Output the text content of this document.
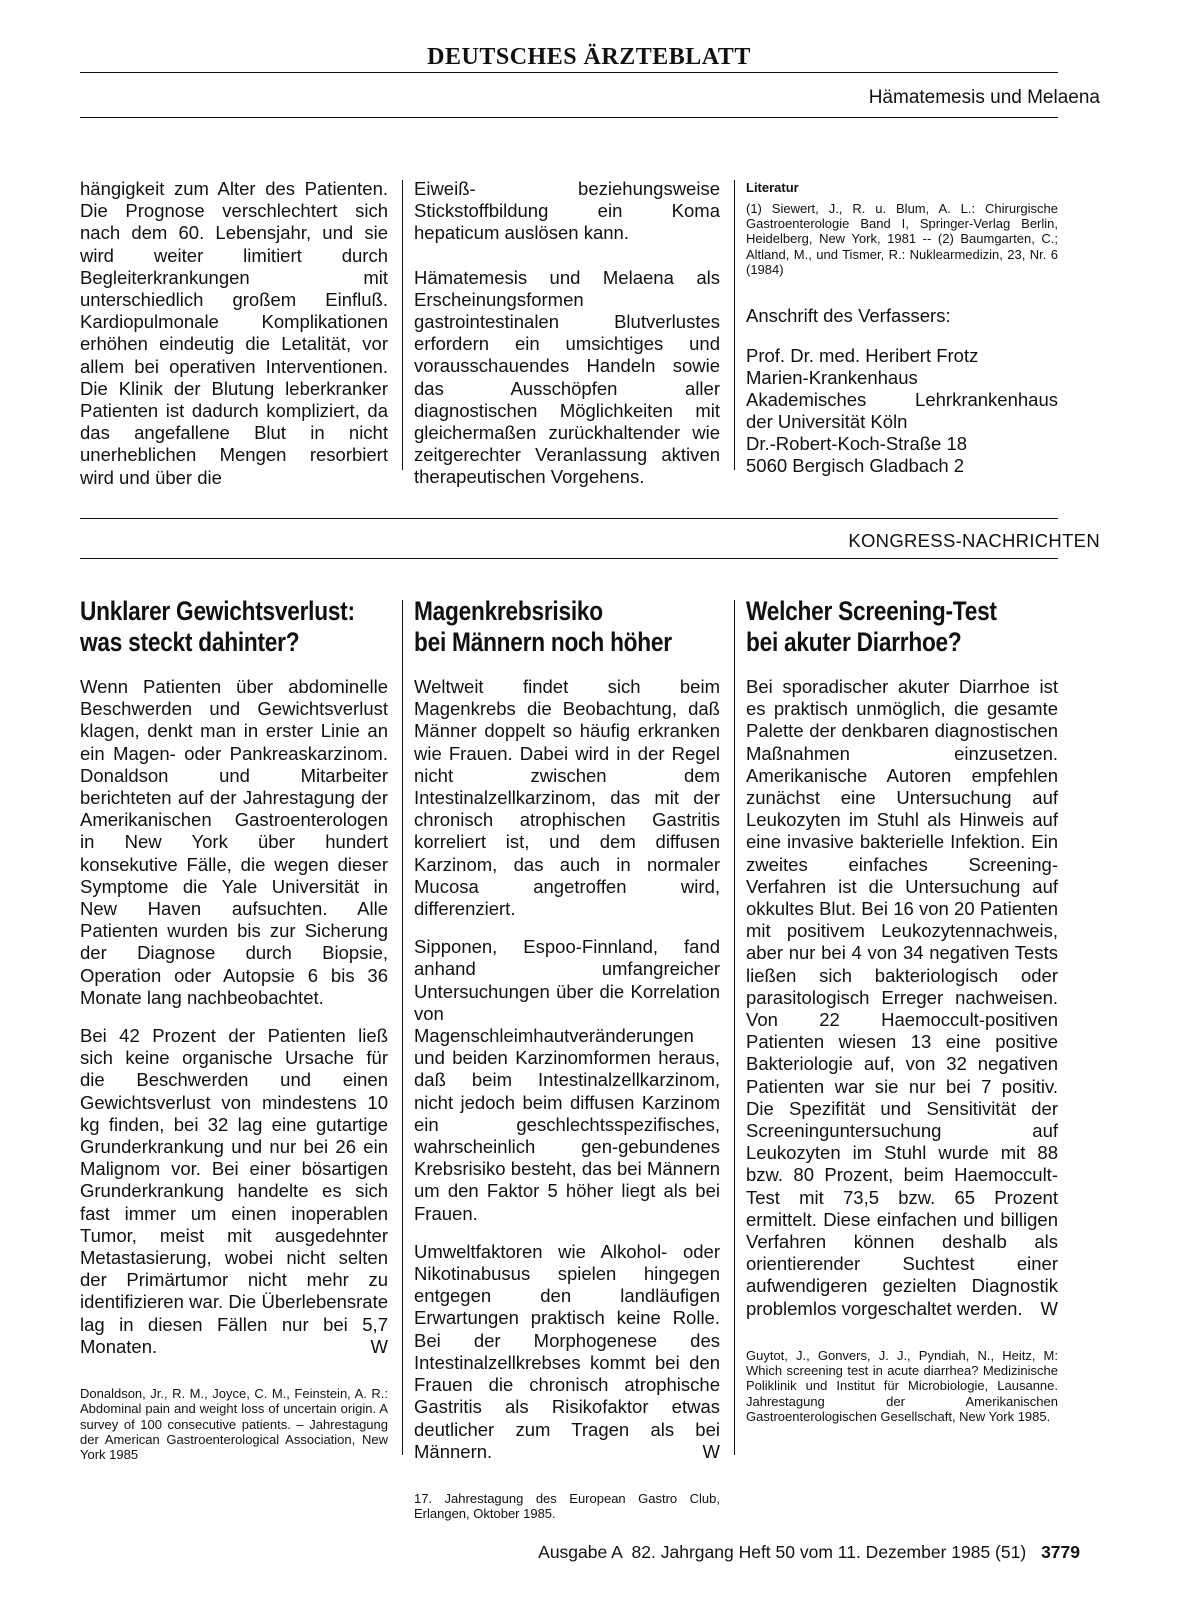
DEUTSCHES ÄRZTEBLATT
Hämatemesis und Melaena

hängigkeit zum Alter des Patienten. Die Prognose verschlechtert sich nach dem 60. Lebensjahr, und sie wird weiter limitiert durch Begleiterkrankungen mit unterschiedlich großem Einfluß. Kardiopulmonale Komplikationen erhöhen eindeutig die Letalität, vor allem bei operativen Interventionen. Die Klinik der Blutung leberkranker Patienten ist dadurch kompliziert, da das angefallene Blut in nicht unerheblichen Mengen resorbiert wird und über die

Eiweiß- beziehungsweise Stickstoffbildung ein Koma hepaticum auslösen kann.

Hämatemesis und Melaena als Erscheinungsformen gastrointestinalen Blutverlustes erfordern ein umsichtiges und vorausschauendes Handeln sowie das Ausschöpfen aller diagnostischen Möglichkeiten mit gleichermaßen zurückhaltender wie zeitgerechter Veranlassung aktiven therapeutischen Vorgehens.

Literatur
(1) Siewert, J., R. u. Blum, A. L.: Chirurgische Gastroenterologie Band I, Springer-Verlag Berlin, Heidelberg, New York, 1981 -- (2) Baumgarten, C.; Altland, M., und Tismer, R.: Nuklearmedizin, 23, Nr. 6 (1984)
Anschrift des Verfassers:
Prof. Dr. med. Heribert Frotz
Marien-Krankenhaus
Akademisches Lehrkrankenhaus
der Universität Köln
Dr.-Robert-Koch-Straße 18
5060 Bergisch Gladbach 2
KONGRESS-NACHRICHTEN
Unklarer Gewichtsverlust:
was steckt dahinter?

Wenn Patienten über abdominelle Beschwerden und Gewichtsverlust klagen, denkt man in erster Linie an ein Magen- oder Pankreaskarzinom. Donaldson und Mitarbeiter berichteten auf der Jahrestagung der Amerikanischen Gastroenterologen in New York über hundert konsekutive Fälle, die wegen dieser Symptome die Yale Universität in New Haven aufsuchten. Alle Patienten wurden bis zur Sicherung der Diagnose durch Biopsie, Operation oder Autopsie 6 bis 36 Monate lang nachbeobachtet.

Bei 42 Prozent der Patienten ließ sich keine organische Ursache für die Beschwerden und einen Gewichtsverlust von mindestens 10 kg finden, bei 32 lag eine gutartige Grunderkrankung und nur bei 26 ein Malignom vor. Bei einer bösartigen Grunderkrankung handelte es sich fast immer um einen inoperablen Tumor, meist mit ausgedehnter Metastasierung, wobei nicht selten der Primärtumor nicht mehr zu identifizieren war. Die Überlebensrate lag in diesen Fällen nur bei 5,7 Monaten.	W

Donaldson, Jr., R. M., Joyce, C. M., Feinstein, A. R.: Abdominal pain and weight loss of uncertain origin. A survey of 100 consecutive patients. – Jahrestagung der American Gastroenterological Association, New York 1985
Magenkrebsrisiko
bei Männern noch höher

Weltweit findet sich beim Magenkrebs die Beobachtung, daß Männer doppelt so häufig erkranken wie Frauen. Dabei wird in der Regel nicht zwischen dem Intestinalzellkarzinom, das mit der chronisch atrophischen Gastritis korreliert ist, und dem diffusen Karzinom, das auch in normaler Mucosa angetroffen wird, differenziert.

Sipponen, Espoo-Finnland, fand anhand umfangreicher Untersuchungen über die Korrelation von Magenschleimhautveränderungen und beiden Karzinomformen heraus, daß beim Intestinalzellkarzinom, nicht jedoch beim diffusen Karzinom ein geschlechtsspezifisches, wahrscheinlich gen-gebundenes Krebsrisiko besteht, das bei Männern um den Faktor 5 höher liegt als bei Frauen.

Umweltfaktoren wie Alkohol- oder Nikotinabusus spielen hingegen entgegen den landläufigen Erwartungen praktisch keine Rolle. Bei der Morphogenese des Intestinalzellkrebses kommt bei den Frauen die chronisch atrophische Gastritis als Risikofaktor etwas deutlicher zum Tragen als bei Männern.	W

17. Jahrestagung des European Gastro Club, Erlangen, Oktober 1985.
Welcher Screening-Test
bei akuter Diarrhoe?

Bei sporadischer akuter Diarrhoe ist es praktisch unmöglich, die gesamte Palette der denkbaren diagnostischen Maßnahmen einzusetzen. Amerikanische Autoren empfehlen zunächst eine Untersuchung auf Leukozyten im Stuhl als Hinweis auf eine invasive bakterielle Infektion. Ein zweites einfaches Screening-Verfahren ist die Untersuchung auf okkultes Blut. Bei 16 von 20 Patienten mit positivem Leukozytennachweis, aber nur bei 4 von 34 negativen Tests ließen sich bakteriologisch oder parasitologisch Erreger nachweisen. Von 22 Haemoccult-positiven Patienten wiesen 13 eine positive Bakteriologie auf, von 32 negativen Patienten war sie nur bei 7 positiv. Die Spezifität und Sensitivität der Screeninguntersuchung auf Leukozyten im Stuhl wurde mit 88 bzw. 80 Prozent, beim Haemoccult-Test mit 73,5 bzw. 65 Prozent ermittelt. Diese einfachen und billigen Verfahren können deshalb als orientierender Suchtest einer aufwendigeren gezielten Diagnostik problemlos vorgeschaltet werden. W

Guytot, J., Gonvers, J. J., Pyndiah, N., Heitz, M: Which screening test in acute diarrhea? Medizinische Poliklinik und Institut für Microbiologie, Lausanne. Jahrestagung der Amerikanischen Gastroenterologischen Gesellschaft, New York 1985.
Ausgabe A  82. Jahrgang Heft 50 vom 11. Dezember 1985 (51) 3779
